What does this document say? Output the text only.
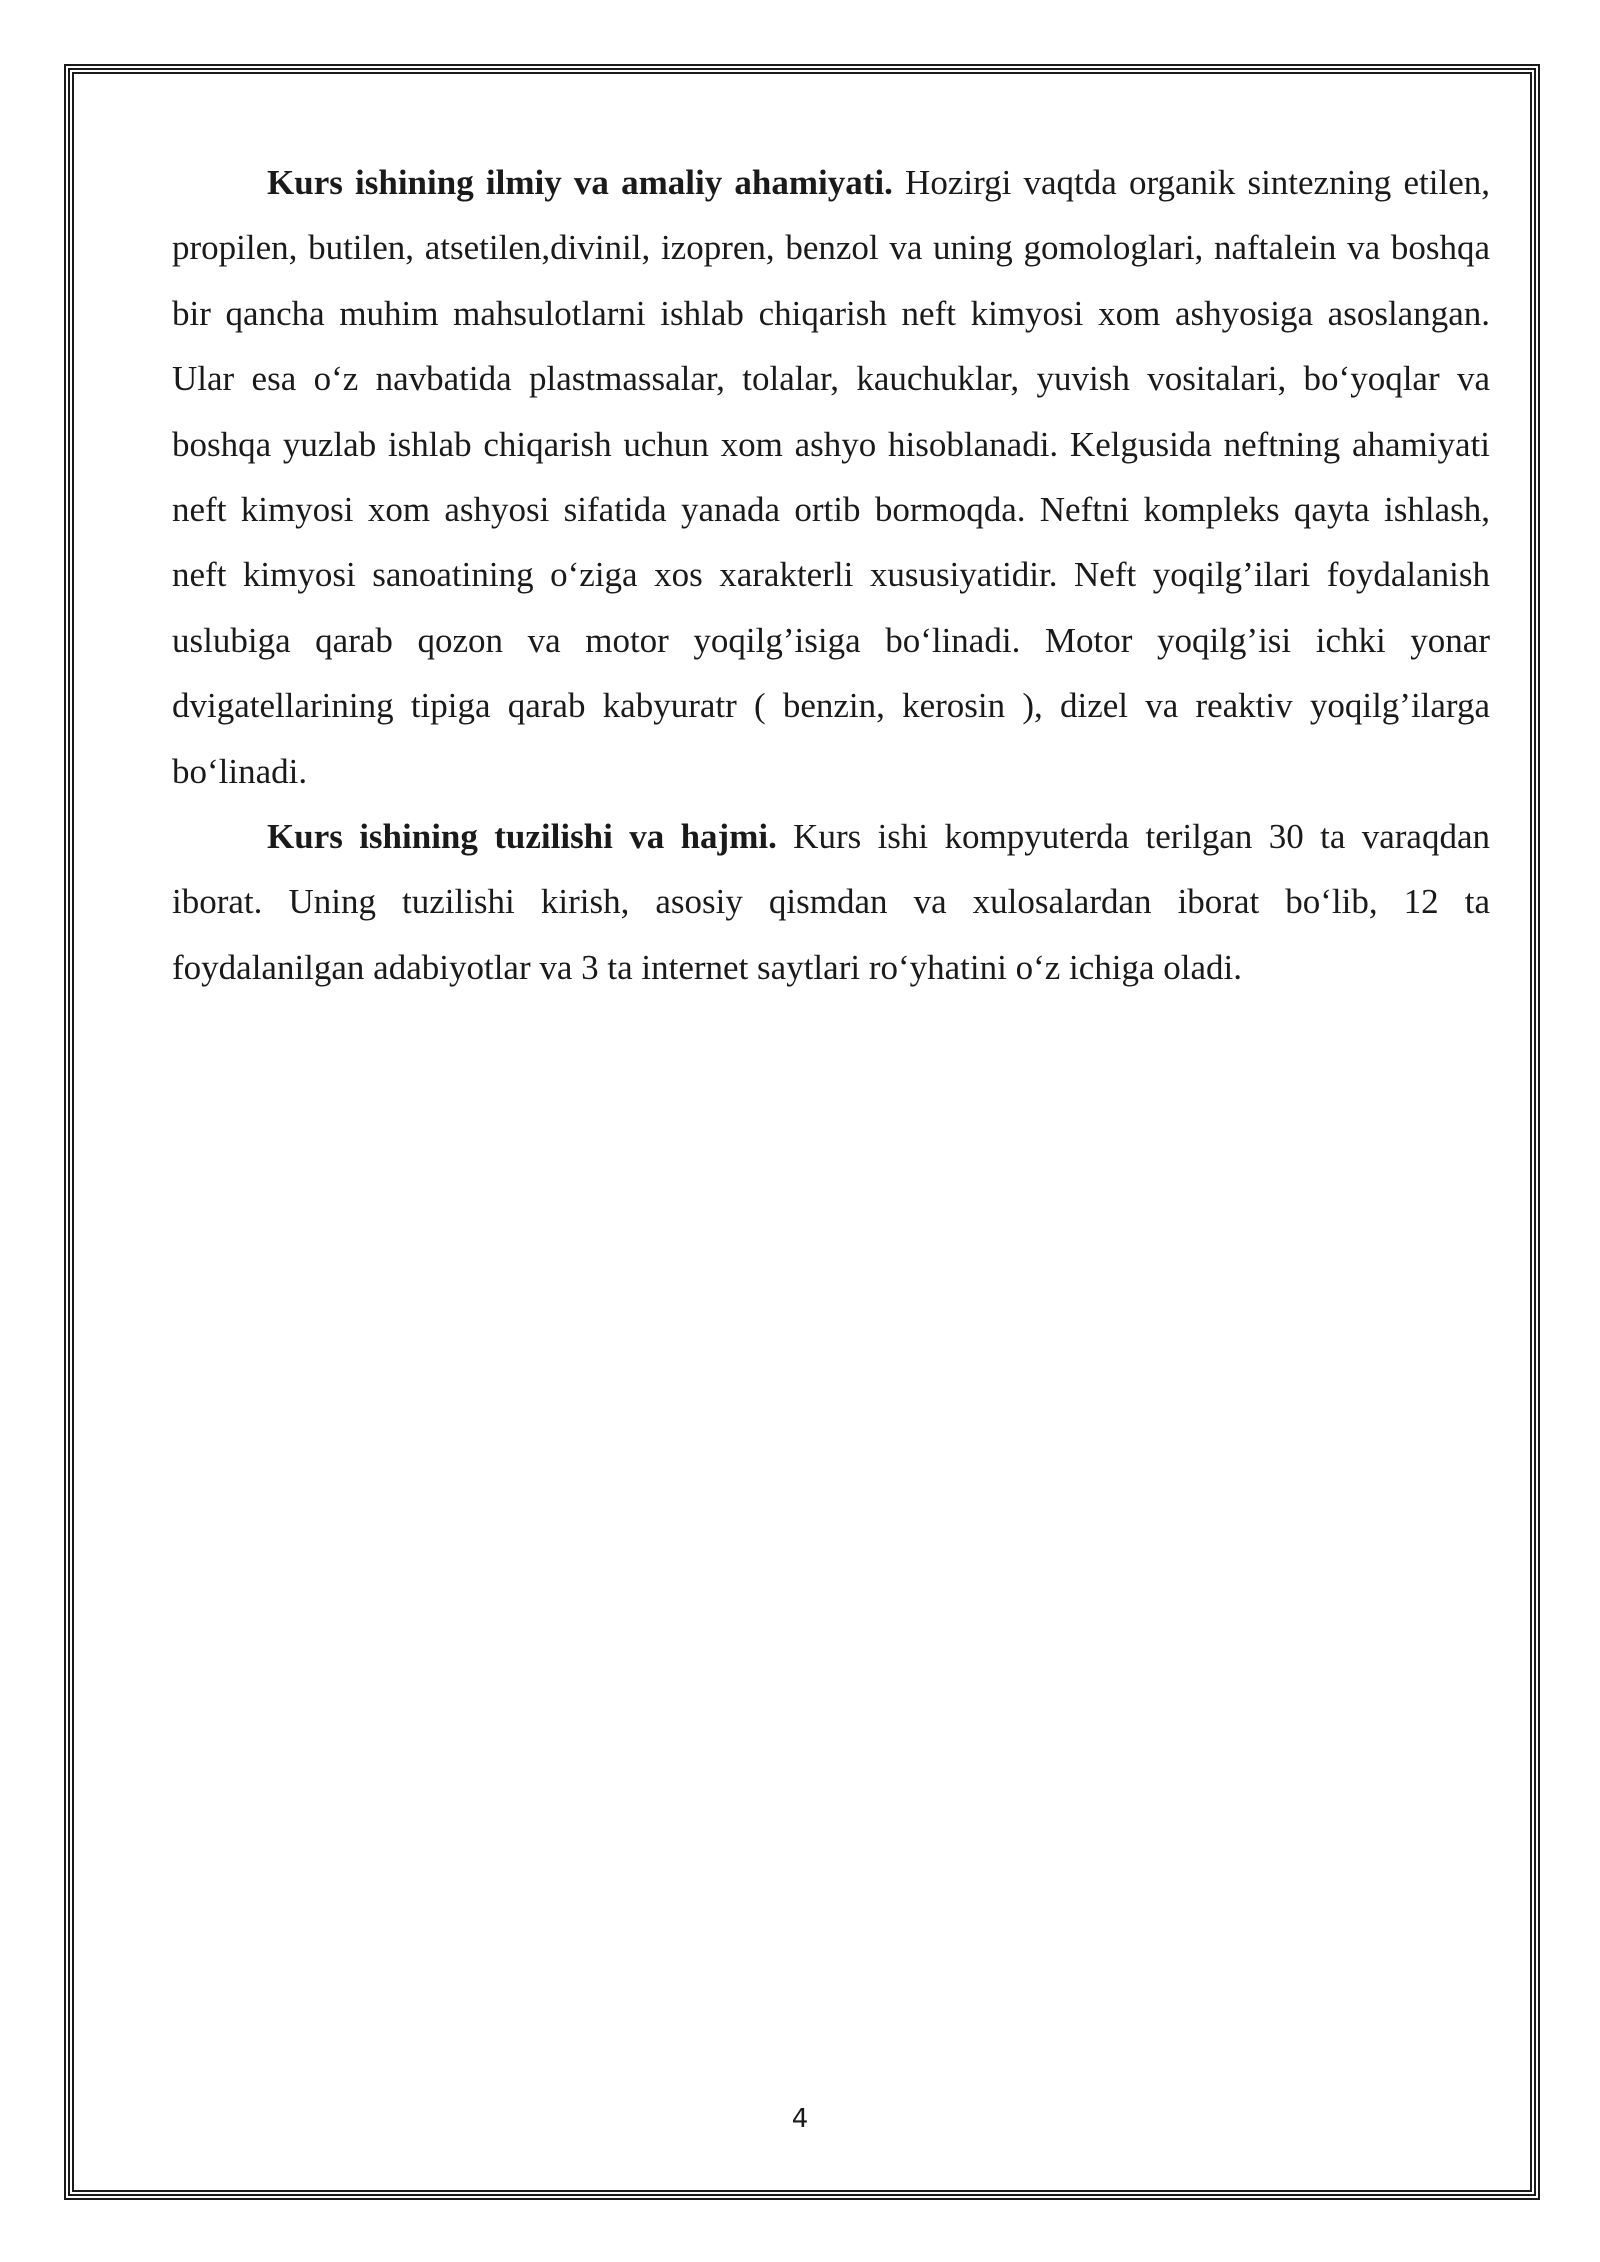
Kurs ishining ilmiy va amaliy ahamiyati. Hozirgi vaqtda organik sintezning etilen, propilen, butilen, atsetilen,divinil, izopren, benzol va uning gomologlari, naftalein va boshqa bir qancha muhim mahsulotlarni ishlab chiqarish neft kimyosi xom ashyosiga asoslangan. Ular esa o‘z navbatida plastmassalar, tolalar, kauchuklar, yuvish vositalari, bo‘yoqlar va boshqa yuzlab ishlab chiqarish uchun xom ashyo hisoblanadi. Kelgusida neftning ahamiyati neft kimyosi xom ashyosi sifatida yanada ortib bormoqda. Neftni kompleks qayta ishlash, neft kimyosi sanoatining o‘ziga xos xarakterli xususiyatidir. Neft yoqilg’ilari foydalanish uslubiga qarab qozon va motor yoqilg’isiga bo‘linadi. Motor yoqilg’isi ichki yonar dvigatellarining tipiga qarab kabyuratr ( benzin, kerosin ), dizel va reaktiv yoqilg’ilarga bo‘linadi.

Kurs ishining tuzilishi va hajmi. Kurs ishi kompyuterda terilgan 30 ta varaqdan iborat. Uning tuzilishi kirish, asosiy qismdan va xulosalardan iborat bo‘lib, 12 ta foydalanilgan adabiyotlar va 3 ta internet saytlari ro‘yhatini o‘z ichiga oladi.

4
